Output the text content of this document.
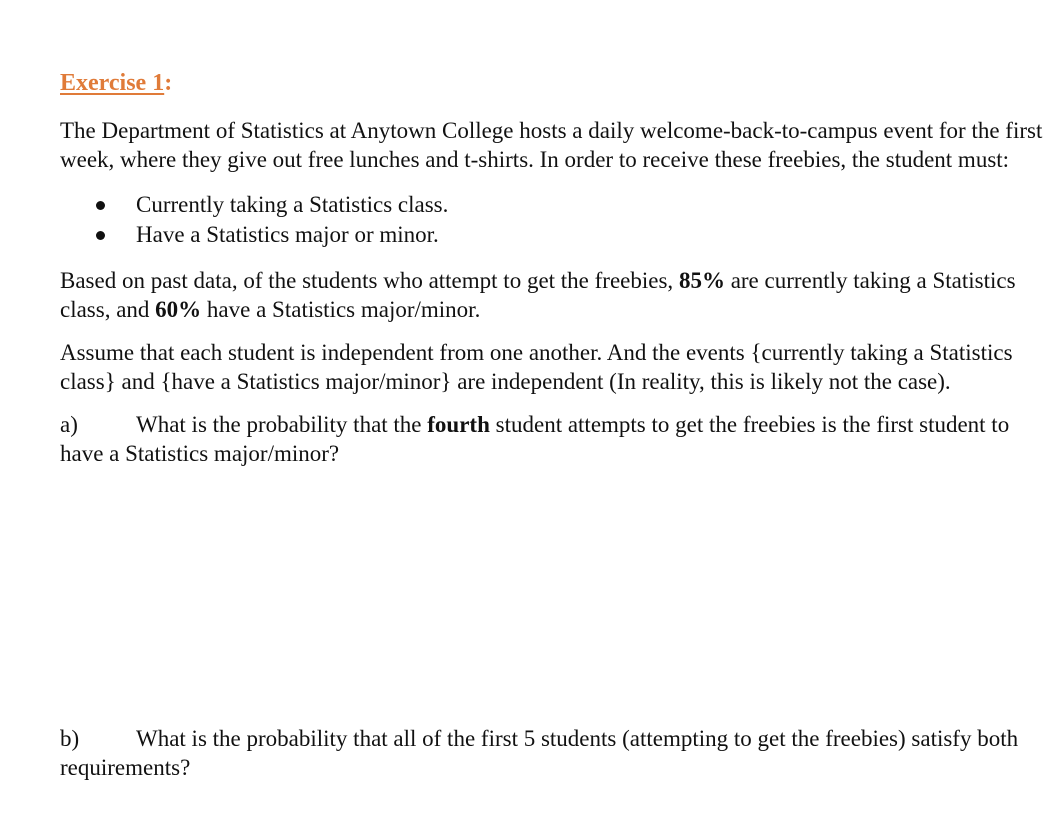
Exercise 1:

The Department of Statistics at Anytown College hosts a daily welcome-back-to-campus event for the first week, where they give out free lunches and t-shirts. In order to receive these freebies, the student must:

Currently taking a Statistics class.
Have a Statistics major or minor.

Based on past data, of the students who attempt to get the freebies, 85% are currently taking a Statistics class, and 60% have a Statistics major/minor.

Assume that each student is independent from one another. And the events {currently taking a Statistics class} and {have a Statistics major/minor} are independent (In reality, this is likely not the case).

a)	What is the probability that the fourth student attempts to get the freebies is the first student to have a Statistics major/minor?

b) What is the probability that all of the first 5 students (attempting to get the freebies) satisfy both requirements?
